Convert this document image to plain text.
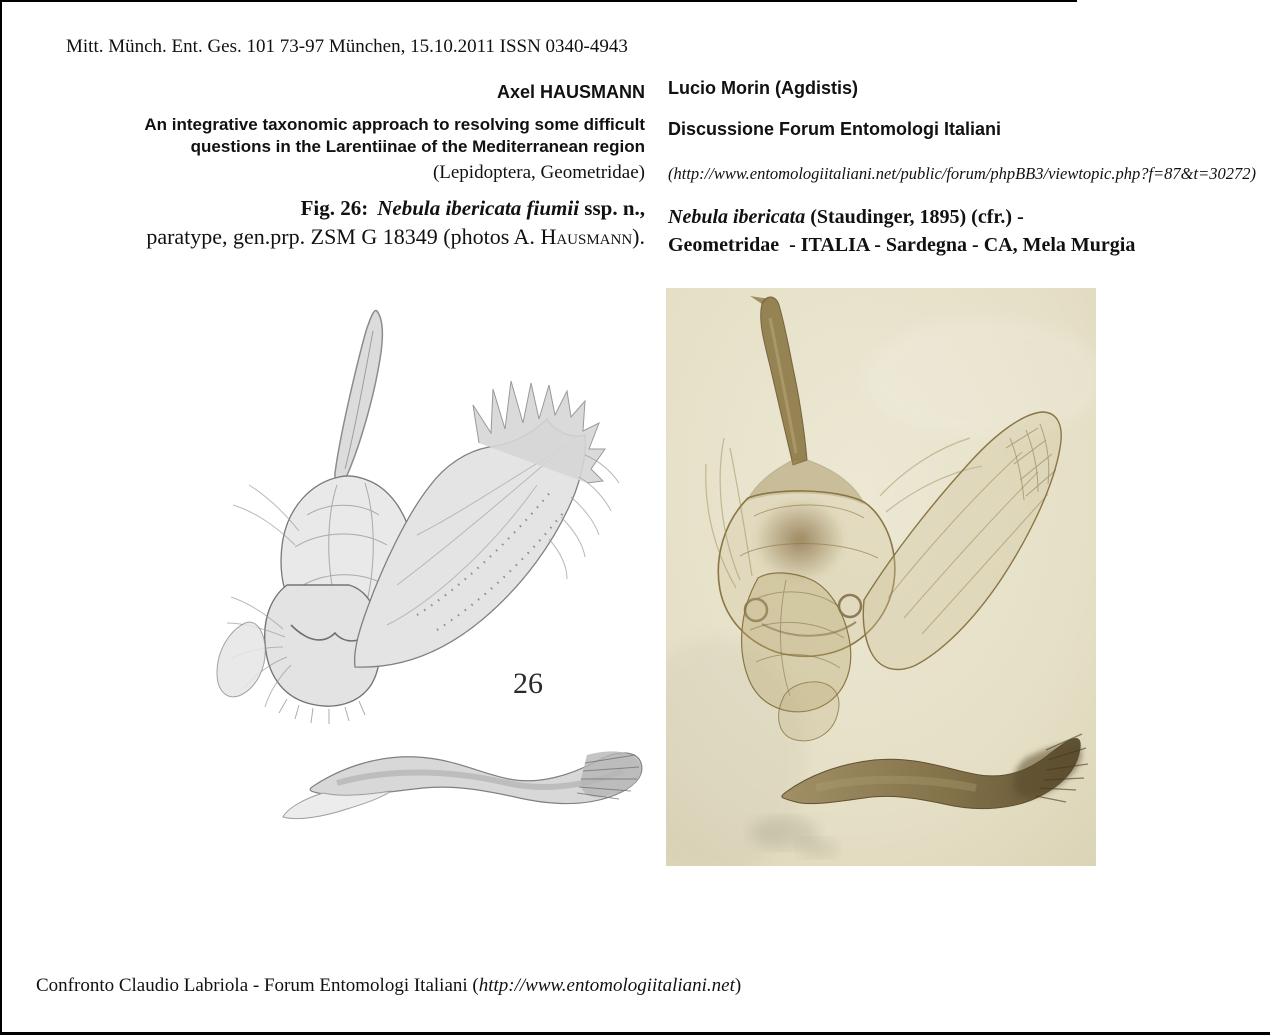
Mitt. Münch. Ent. Ges. 101 73-97 München, 15.10.2011 ISSN 0340-4943
Axel HAUSMANN
An integrative taxonomic approach to resolving some difficult
questions in the Larentiinae of the Mediterranean region
(Lepidoptera, Geometridae)
Fig. 26: Nebula ibericata fiumii ssp. n.,
paratype, gen.prp. ZSM G 18349 (photos A. Hausmann).
Lucio Morin (Agdistis)
Discussione Forum Entomologi Italiani
(http://www.entomologiitaliani.net/public/forum/phpBB3/viewtopic.php?f=87&t=30272)
Nebula ibericata (Staudinger, 1895) (cfr.) -
Geometridae  - ITALIA - Sardegna - CA, Mela Murgia
26
Confronto Claudio Labriola - Forum Entomologi Italiani (http://www.entomologiitaliani.net)
